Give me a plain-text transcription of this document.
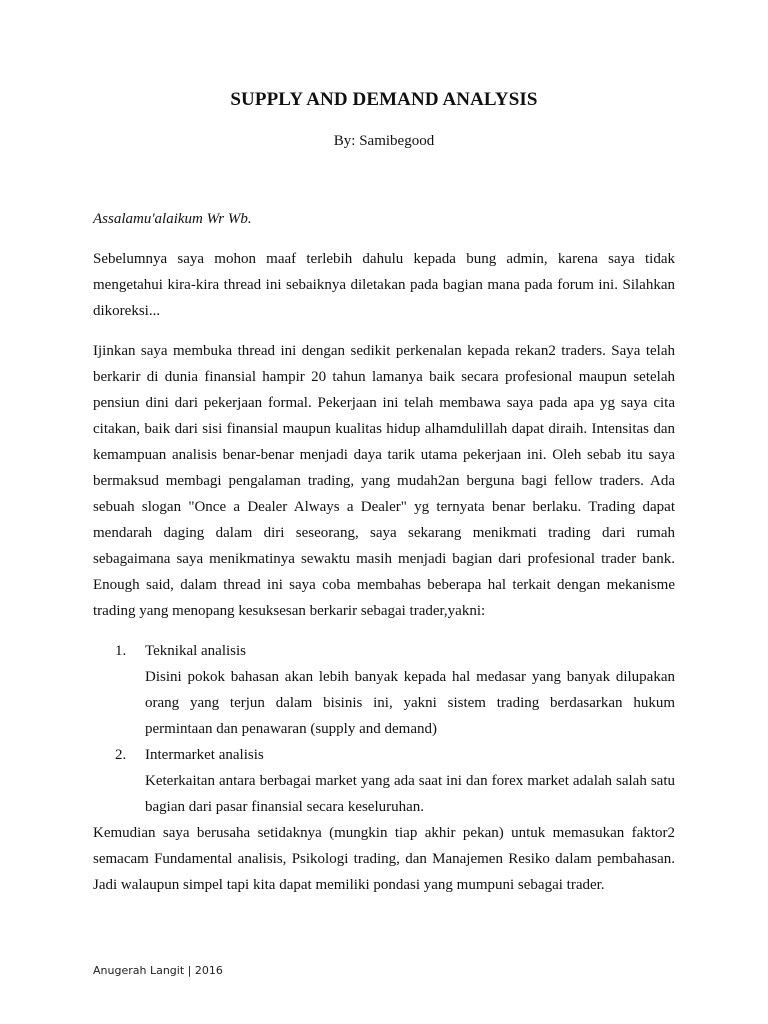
SUPPLY AND DEMAND ANALYSIS
By: Samibegood

Assalamu'alaikum Wr Wb.

Sebelumnya saya mohon maaf terlebih dahulu kepada bung admin, karena saya tidak mengetahui kira-kira thread ini sebaiknya diletakan pada bagian mana pada forum ini. Silahkan dikoreksi...

Ijinkan saya membuka thread ini dengan sedikit perkenalan kepada rekan2 traders. Saya telah berkarir di dunia finansial hampir 20 tahun lamanya baik secara profesional maupun setelah pensiun dini dari pekerjaan formal. Pekerjaan ini telah membawa saya pada apa yg saya cita citakan, baik dari sisi finansial maupun kualitas hidup alhamdulillah dapat diraih. Intensitas dan kemampuan analisis benar-benar menjadi daya tarik utama pekerjaan ini. Oleh sebab itu saya bermaksud membagi pengalaman trading, yang mudah2an berguna bagi fellow traders. Ada sebuah slogan "Once a Dealer Always a Dealer" yg ternyata benar berlaku. Trading dapat mendarah daging dalam diri seseorang, saya sekarang menikmati trading dari rumah sebagaimana saya menikmatinya sewaktu masih menjadi bagian dari profesional trader bank. Enough said, dalam thread ini saya coba membahas beberapa hal terkait dengan mekanisme trading yang menopang kesuksesan berkarir sebagai trader,yakni:

1. Teknikal analisis
Disini pokok bahasan akan lebih banyak kepada hal medasar yang banyak dilupakan orang yang terjun dalam bisinis ini, yakni sistem trading berdasarkan hukum permintaan dan penawaran (supply and demand)
2. Intermarket analisis
Keterkaitan antara berbagai market yang ada saat ini dan forex market adalah salah satu bagian dari pasar finansial secara keseluruhan.

Kemudian saya berusaha setidaknya (mungkin tiap akhir pekan) untuk memasukan faktor2 semacam Fundamental analisis, Psikologi trading, dan Manajemen Resiko dalam pembahasan. Jadi walaupun simpel tapi kita dapat memiliki pondasi yang mumpuni sebagai trader.

Anugerah Langit | 2016
